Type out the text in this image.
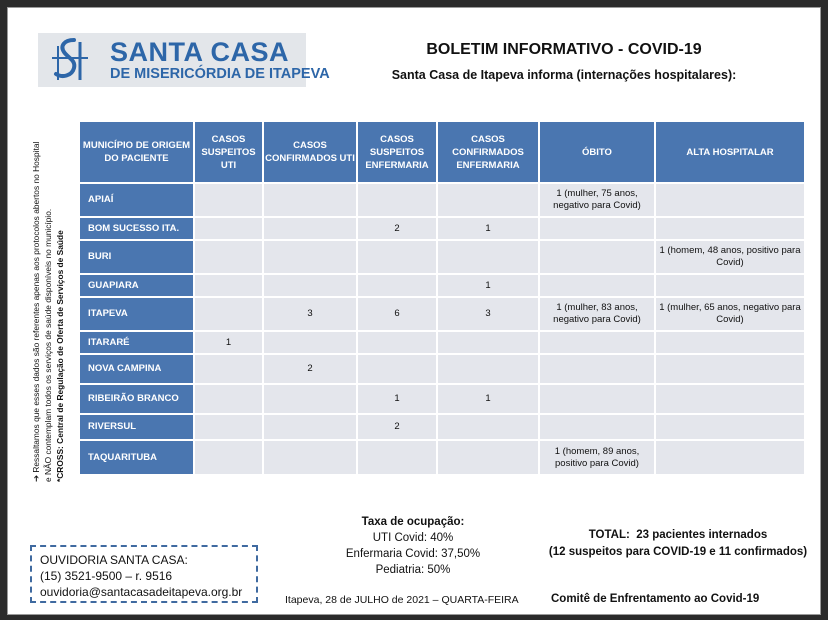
SANTA CASA
DE MISERICÓRDIA DE ITAPEVA
BOLETIM INFORMATIVO - COVID-19
Santa Casa de Itapeva informa (internações hospitalares):
➔ Ressaltamos que esses dados são referentes apenas aos protocolos abertos no Hospital e NÃO contemplam todos os serviços de saúde disponíveis no município. *CROSS: Central de Regulação de Oferta de Serviços de Saúde
MUNICÍPIO DE ORIGEM DO PACIENTE	CASOS SUSPEITOS UTI	CASOS CONFIRMADOS UTI	CASOS SUSPEITOS ENFERMARIA	CASOS CONFIRMADOS ENFERMARIA	ÓBITO	ALTA HOSPITALAR
APIAÍ					1 (mulher, 75 anos, negativo para Covid)	
BOM SUCESSO ITA.			2	1		
BURI						1 (homem, 48 anos, positivo para Covid)
GUAPIARA				1		
ITAPEVA		3	6	3	1 (mulher, 83 anos, negativo para Covid)	1 (mulher, 65 anos, negativo para Covid)
ITARARÉ	1					
NOVA CAMPINA		2				
RIBEIRÃO BRANCO			1	1		
RIVERSUL			2			
TAQUARITUBA					1 (homem, 89 anos, positivo para Covid)	
Taxa de ocupação:
UTI Covid: 40%
Enfermaria Covid: 37,50%
Pediatria: 50%
TOTAL:  23 pacientes internados
(12 suspeitos para COVID-19 e 11 confirmados)
OUVIDORIA SANTA CASA:
(15) 3521-9500 – r. 9516
ouvidoria@santacasadeitapeva.org.br
Itapeva, 28 de JULHO de 2021 – QUARTA-FEIRA	Comitê de Enfrentamento ao Covid-19
